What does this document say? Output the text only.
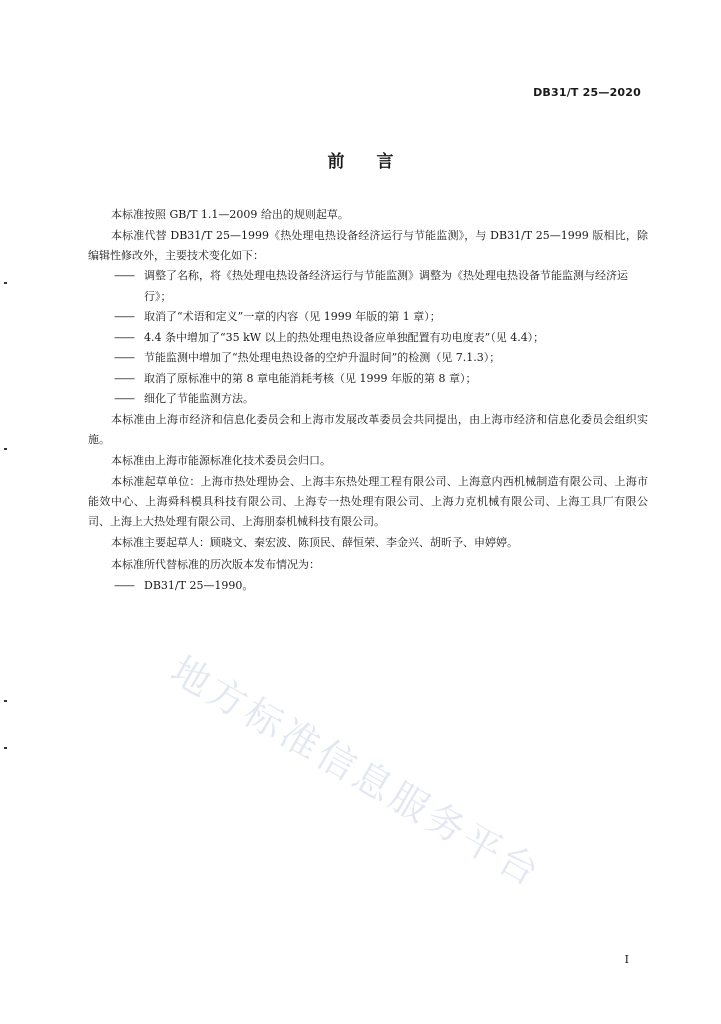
DB31/T 25—2020
前言

本标准按照 GB/T 1.1—2009 给出的规则起草。

本标准代替 DB31/T 25—1999《热处理电热设备经济运行与节能监测》，与 DB31/T 25—1999 版相比，除编辑性修改外，主要技术变化如下：

—— 调整了名称，将《热处理电热设备经济运行与节能监测》调整为《热处理电热设备节能监测与经济运行》；

—— 取消了“术语和定义”一章的内容（见 1999 年版的第 1 章）；

—— 4.4 条中增加了“35 kW 以上的热处理电热设备应单独配置有功电度表”（见 4.4）；

—— 节能监测中增加了“热处理电热设备的空炉升温时间”的检测（见 7.1.3）；

—— 取消了原标准中的第 8 章电能消耗考核（见 1999 年版的第 8 章）；

—— 细化了节能监测方法。

本标准由上海市经济和信息化委员会和上海市发展改革委员会共同提出，由上海市经济和信息化委员会组织实施。

本标准由上海市能源标准化技术委员会归口。

本标准起草单位：上海市热处理协会、上海丰东热处理工程有限公司、上海意内西机械制造有限公司、上海市能效中心、上海舜科模具科技有限公司、上海专一热处理有限公司、上海力克机械有限公司、上海工具厂有限公司、上海上大热处理有限公司、上海朋泰机械科技有限公司。

本标准主要起草人：顾晓文、秦宏波、陈顶民、薛恒荣、李金兴、胡昕予、申婷婷。

本标准所代替标准的历次版本发布情况为：

—— DB31/T 25—1990。

地方标准信息服务平台
I
